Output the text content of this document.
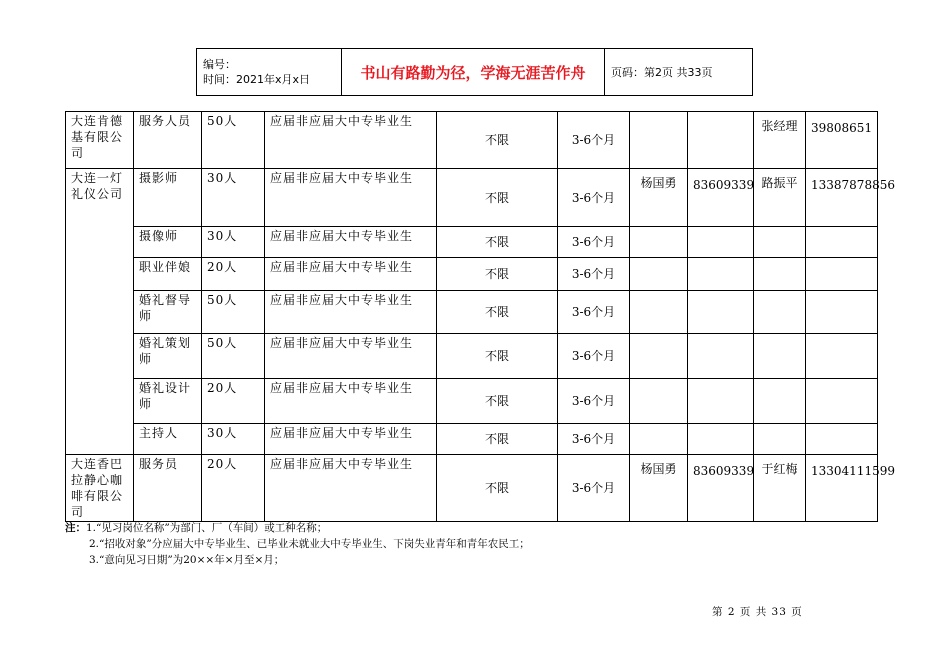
编号：
时间：2021年x月x日	书山有路勤为径，学海无涯苦作舟	页码：第2页 共33页
大连肯德基有限公司	服务人员	50人	应届非应届大中专毕业生	不限	3-6个月			张经理	39808651
大连一灯礼仪公司	摄影师	30人	应届非应届大中专毕业生	不限	3-6个月	杨国勇	83609339	路振平	13387878856
	摄像师	30人	应届非应届大中专毕业生	不限	3-6个月				
	职业伴娘	20人	应届非应届大中专毕业生	不限	3-6个月				
	婚礼督导师	50人	应届非应届大中专毕业生	不限	3-6个月				
	婚礼策划师	50人	应届非应届大中专毕业生	不限	3-6个月				
	婚礼设计师	20人	应届非应届大中专毕业生	不限	3-6个月				
	主持人	30人	应届非应届大中专毕业生	不限	3-6个月				
大连香巴拉静心咖啡有限公司	服务员	20人	应届非应届大中专毕业生	不限	3-6个月	杨国勇	83609339	于红梅	13304111599
注：1.“见习岗位名称”为部门、厂（车间）或工种名称；
2.“招收对象”分应届大中专毕业生、已毕业未就业大中专毕业生、下岗失业青年和青年农民工；
3.“意向见习日期”为20××年×月至×月；
第 2 页 共 33 页
